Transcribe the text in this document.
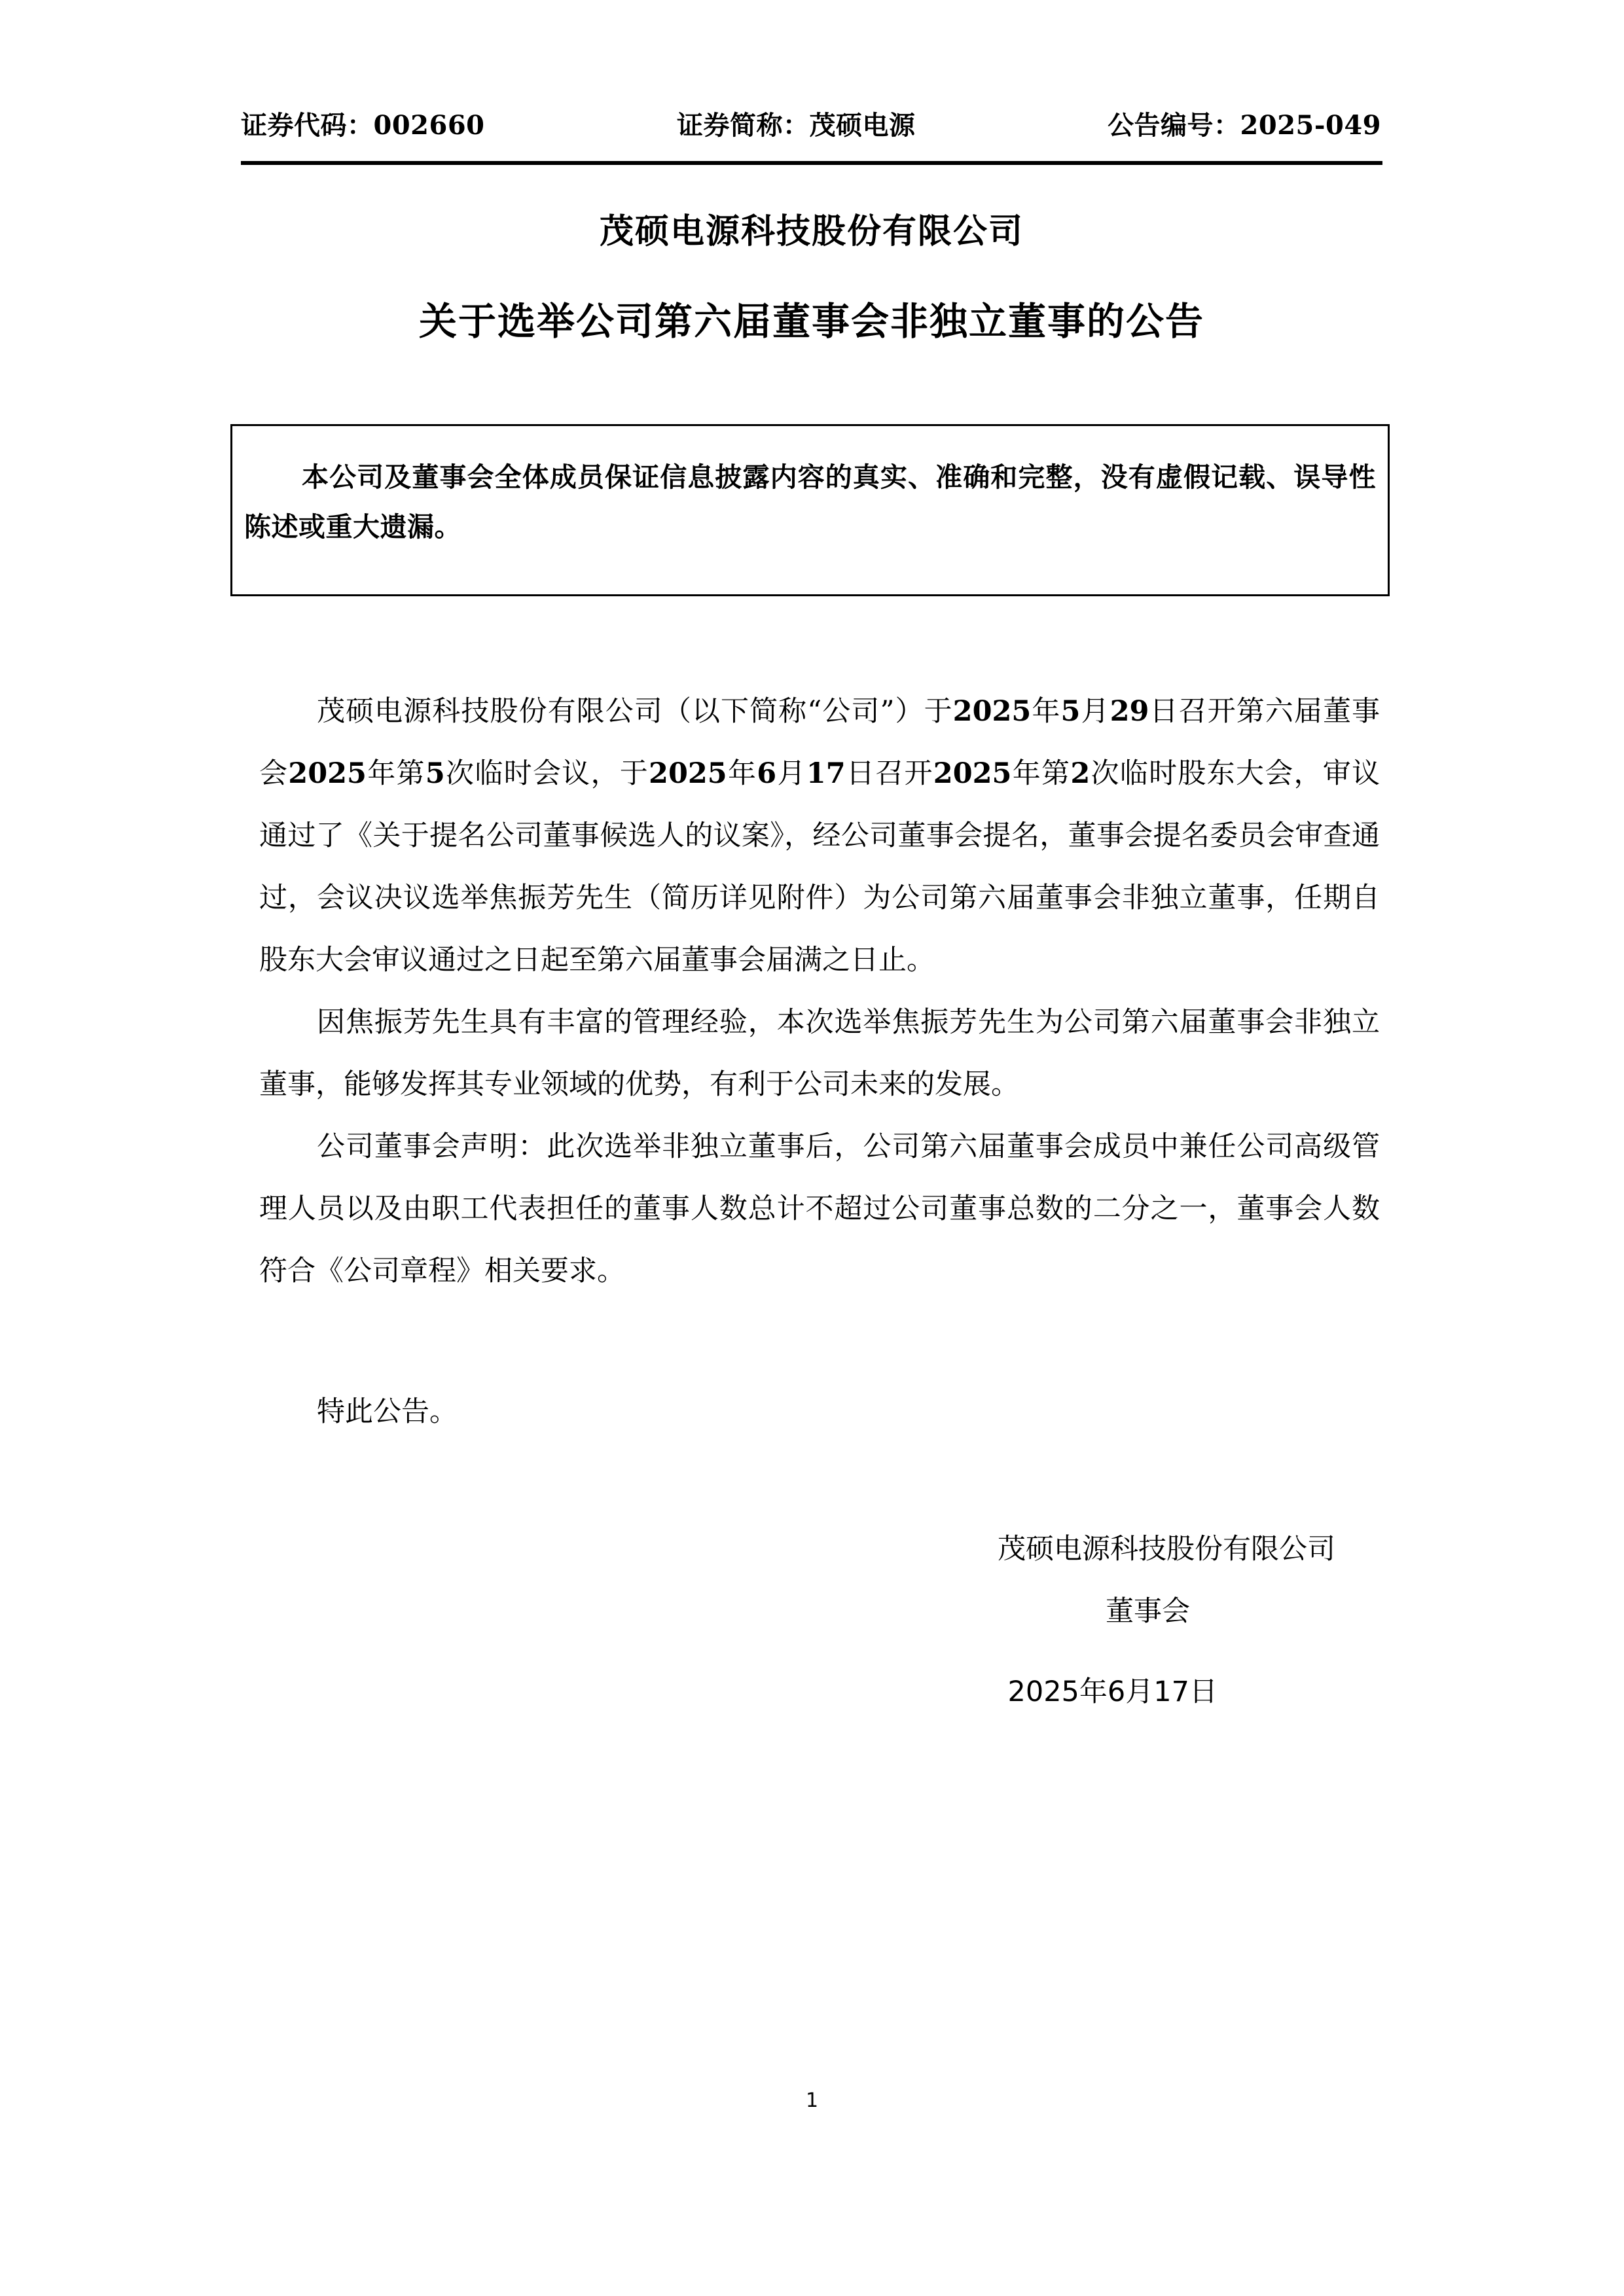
证券代码：002660	证券简称：茂硕电源	公告编号：2025-049
茂硕电源科技股份有限公司
关于选举公司第六届董事会非独立董事的公告

本公司及董事会全体成员保证信息披露内容的真实、准确和完整，没有虚假记载、误导性陈述或重大遗漏。

茂硕电源科技股份有限公司（以下简称“公司”）于2025年5月29日召开第六届董事会2025年第5次临时会议，于2025年6月17日召开2025年第2次临时股东大会，审议通过了《关于提名公司董事候选人的议案》，经公司董事会提名，董事会提名委员会审查通过，会议决议选举焦振芳先生（简历详见附件）为公司第六届董事会非独立董事，任期自股东大会审议通过之日起至第六届董事会届满之日止。

因焦振芳先生具有丰富的管理经验，本次选举焦振芳先生为公司第六届董事会非独立董事，能够发挥其专业领域的优势，有利于公司未来的发展。

公司董事会声明：此次选举非独立董事后，公司第六届董事会成员中兼任公司高级管理人员以及由职工代表担任的董事人数总计不超过公司董事总数的二分之一，董事会人数符合《公司章程》相关要求。

特此公告。

茂硕电源科技股份有限公司

董事会

2025年6月17日

1
